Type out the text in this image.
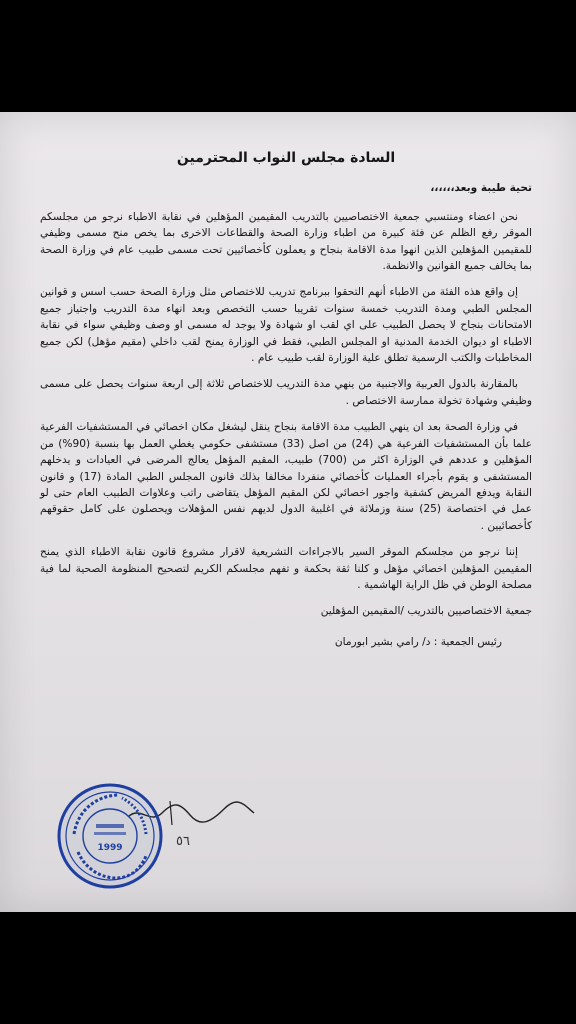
السادة مجلس النواب المحترمين
تحية طيبة وبعد،،،،،،

نحن اعضاء ومنتسبي جمعية الاختصاصيين بالتدريب المقيمين المؤهلين في نقابة الاطباء نرجو من مجلسكم الموقر رفع الظلم عن فئة كبيرة من اطباء وزارة الصحة والقطاعات الاخرى بما يخص منح مسمى وظيفي للمقيمين المؤهلين الذين انهوا مدة الاقامة بنجاح و يعملون كأخصائيين تحت مسمى طبيب عام في وزارة الصحة بما يخالف جميع القوانين والانظمة.

إن واقع هذه الفئة من الاطباء أنهم التحقوا ببرنامج تدريب للاختصاص مثل وزارة الصحة حسب اسس و قوانين المجلس الطبي ومدة التدريب خمسة سنوات تقريبا حسب التخصص وبعد انهاء مدة التدريب واجتياز جميع الامتحانات بنجاح لا يحصل الطبيب على اي لقب او شهادة ولا يوجد له مسمى او وصف وظيفي سواء في نقابة الاطباء او ديوان الخدمة المدنية او المجلس الطبي، فقط في الوزارة يمنح لقب داخلي (مقيم مؤهل) لكن جميع المخاطبات والكتب الرسمية تطلق علية الوزارة لقب طبيب عام .

بالمقارنة بالدول العربية والاجنبية من ينهي مدة التدريب للاختصاص ثلاثة إلى اربعة سنوات يحصل على مسمى وظيفي وشهادة تخولة ممارسة الاختصاص .

في وزارة الصحة بعد ان ينهي الطبيب مدة الاقامة بنجاح ينقل ليشغل مكان اخصائي في المستشفيات الفرعية علما بأن المستشفيات الفرعية هي (24) من اصل (33) مستشفى حكومي يغطي العمل بها بنسبة (90%) من المؤهلين و عددهم في الوزارة اكثر من (700) طبيب، المقيم المؤهل يعالج المرضى في العيادات و يدخلهم المستشفى و يقوم بأجراء العمليات كأخصائي منفردا مخالفا بذلك قانون المجلس الطبي المادة (17) و قانون النقابة ويدفع المريض كشفية واجور اخصائي لكن المقيم المؤهل يتقاضى راتب وعلاوات الطبيب العام حتى لو عمل في اختصاصة (25) سنة وزملائة في اغلبية الدول لديهم نفس المؤهلات ويحصلون على كامل حقوقهم كأخصائيين .

إننا نرجو من مجلسكم الموقر السير بالاجراءات التشريعية لاقرار مشروع قانون نقابة الاطباء الذي يمنح المقيمين المؤهلين اخصائي مؤهل و كلنا ثقة بحكمة و تفهم مجلسكم الكريم لتصحيح المنظومة الصحية لما فية مصلحة الوطن في ظل الراية الهاشمية .

جمعية الاختصاصيين بالتدريب /المقيمين المؤهلين
رئيس الجمعية : د/ رامي بشير ابورمان
٥٦
1999
